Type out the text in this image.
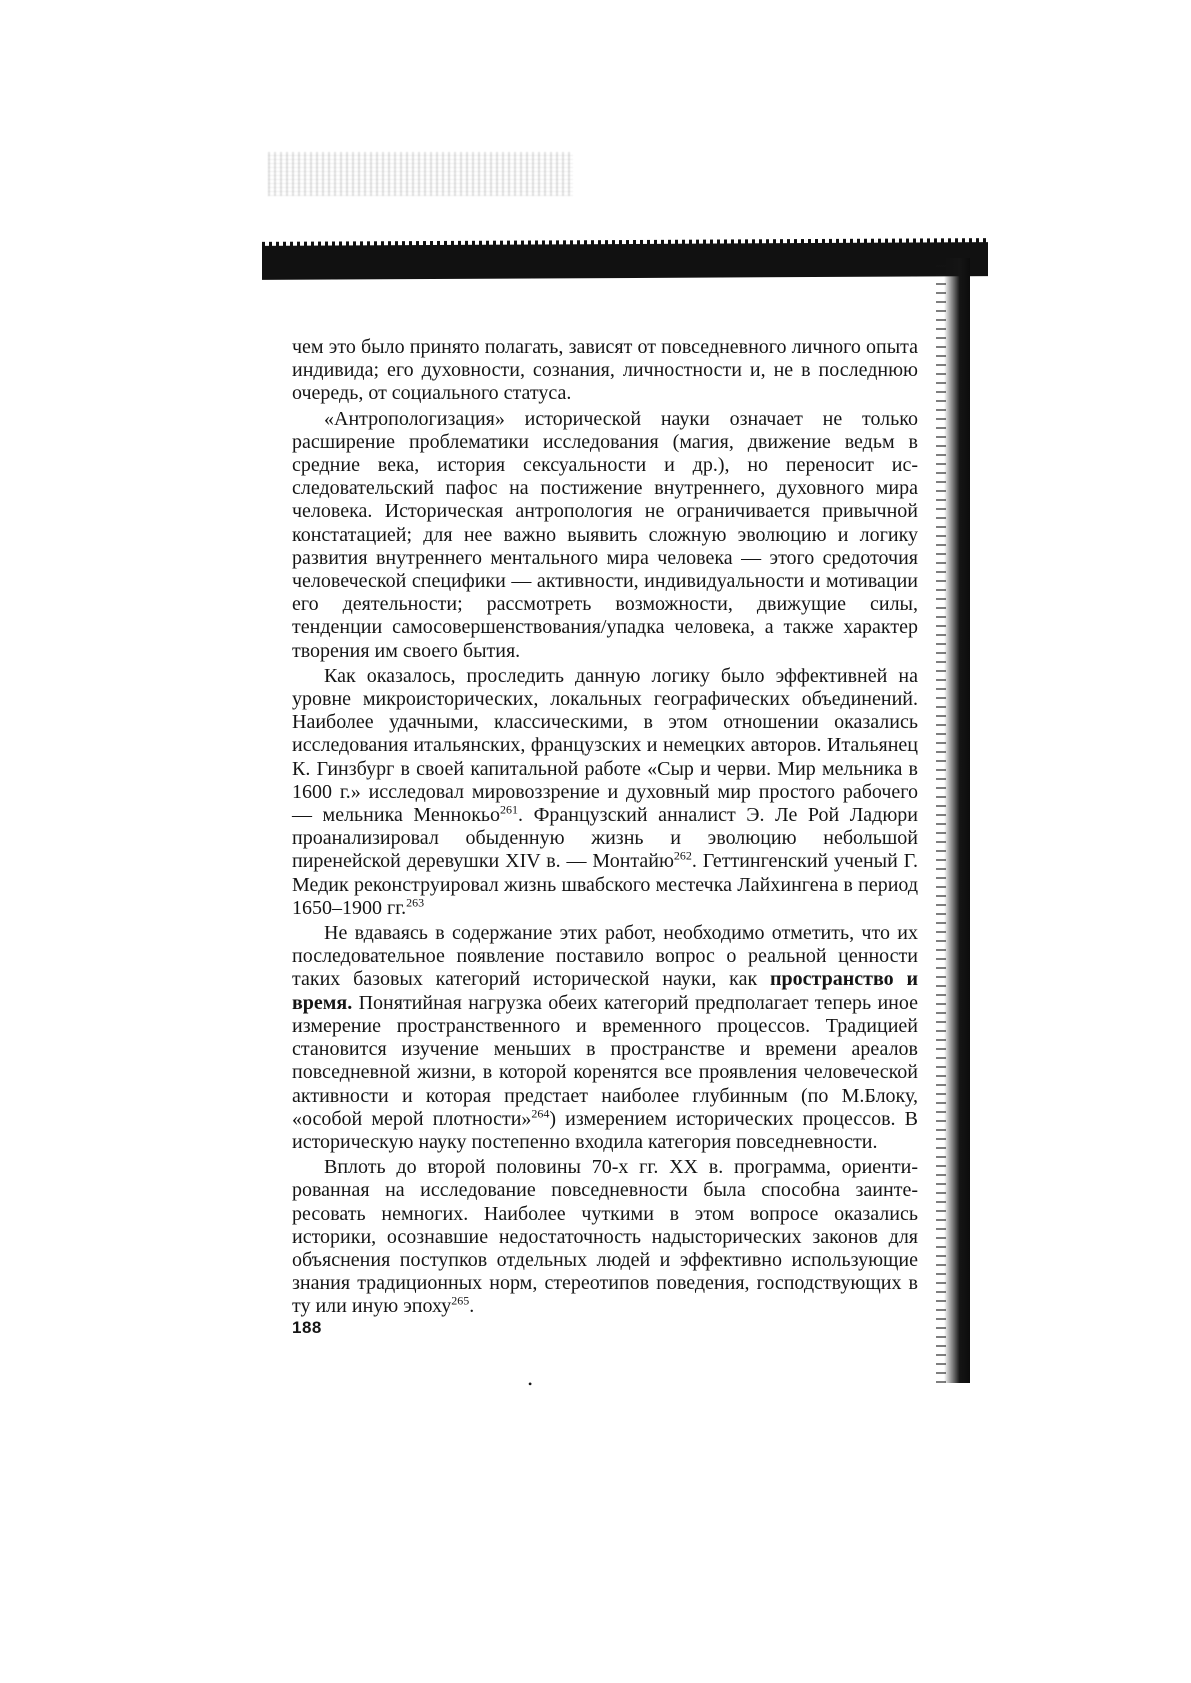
чем это было принято полагать, зависят от повседневного личного опыта индивида; его духовности, сознания, личностности и, не в последнюю очередь, от социального статуса.

«Антропологизация» исторической науки означает не только расширение проблематики исследования (магия, движение ведьм в средние века, история сексуальности и др.), но переносит исследовательский пафос на постижение внутреннего, духовного мира человека. Историческая антропология не ограничивается привычной констатацией; для нее важно выявить сложную эволюцию и логику развития внутреннего ментального мира человека — этого средоточия человеческой специфики — активности, индивидуальности и мотивации его деятельности; рассмотреть возможности, движущие силы, тенденции самосовершенствования/упадка человека, а также характер творения им своего бытия.

Как оказалось, проследить данную логику было эффективней на уровне микроисторических, локальных географических объединений. Наиболее удачными, классическими, в этом отношении оказались исследования итальянских, французских и немецких авторов. Итальянец К. Гинзбург в своей капитальной работе «Сыр и черви. Мир мельника в 1600 г.» исследовал мировоззрение и духовный мир простого рабочего — мельника Меннокьо$^{261}$. Французский анналист Э. Ле Рой Ладюри проанализировал обыденную жизнь и эволюцию небольшой пиренейской деревушки XIV в. — Монтайю$^{262}$. Геттингенский ученый Г. Медик реконструировал жизнь швабского местечка Лайхингена в период 1650–1900 гг.$^{263}$

Не вдаваясь в содержание этих работ, необходимо отметить, что их последовательное появление поставило вопрос о реальной ценности таких базовых категорий исторической науки, как пространство и время. Понятийная нагрузка обеих категорий предполагает теперь иное измерение пространственного и временного процессов. Традицией становится изучение меньших в пространстве и времени ареалов повседневной жизни, в которой коренятся все проявления человеческой активности и которая предстает наиболее глубинным (по М.Блоку, «особой мерой плотности»$^{264}$) измерением исторических процессов. В историческую науку постепенно входила категория повседневности.

Вплоть до второй половины 70-х гг. XX в. программа, ориентированная на исследование повседневности была способна заинтересовать немногих. Наиболее чуткими в этом вопросе оказались историки, осознавшие недостаточность надысторических законов для объяснения поступков отдельных людей и эффективно использующие знания традиционных норм, стереотипов поведения, господствующих в ту или иную эпоху$^{265}$.

188
•
